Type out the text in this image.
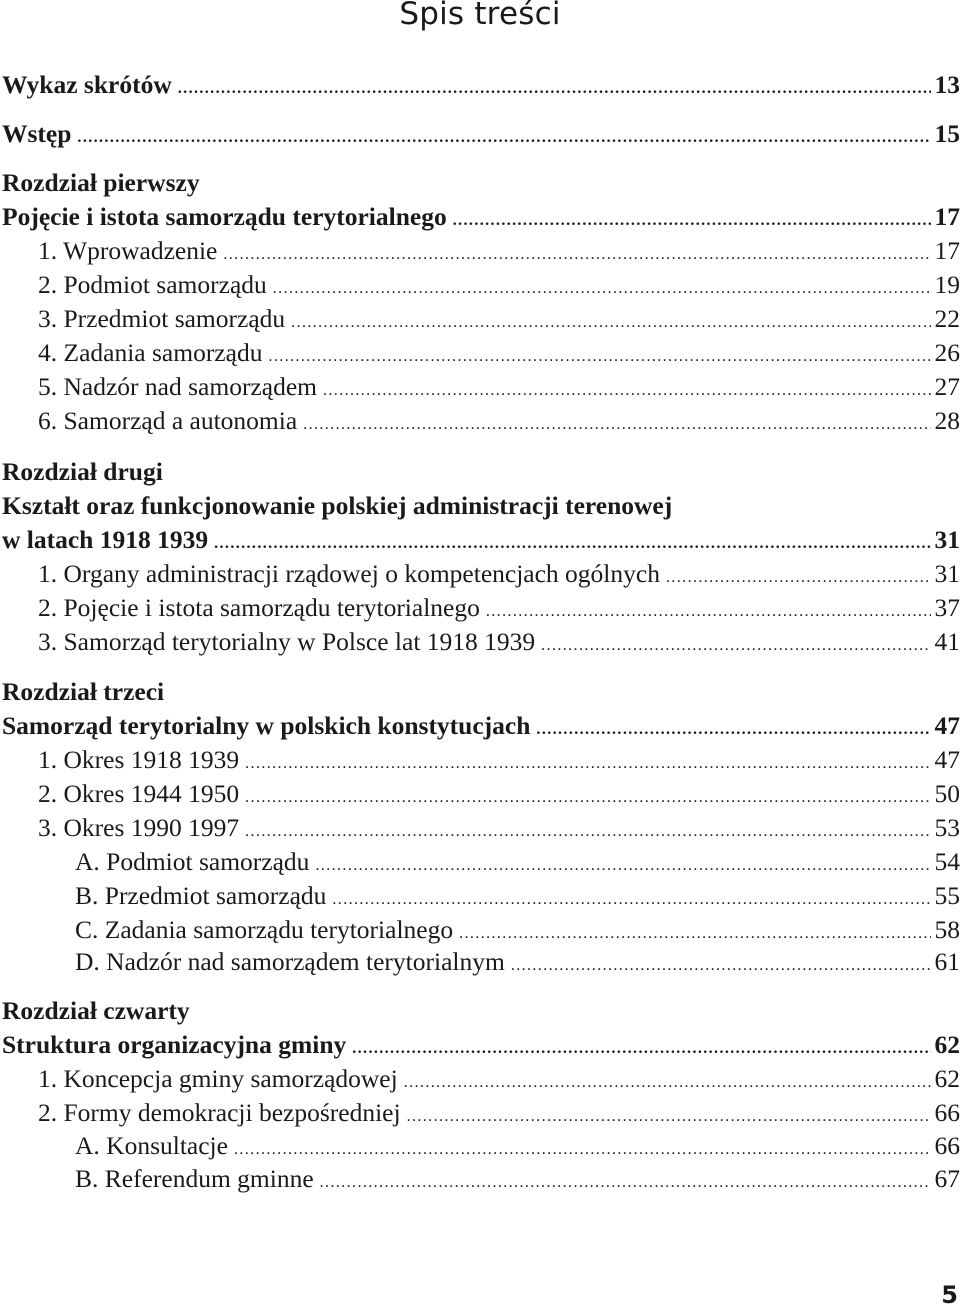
Spis treści
Wykaz skrótów .....	13
Wstęp .....	15
Rozdział pierwszy
Pojęcie i istota samorządu terytorialnego .....	17
1. Wprowadzenie .....	17
2. Podmiot samorządu .....	19
3. Przedmiot samorządu .....	22
4. Zadania samorządu .....	26
5. Nadzór nad samorządem .....	27
6. Samorząd a autonomia .....	28
Rozdział drugi
Kształt oraz funkcjonowanie polskiej administracji terenowej
w latach 1918 1939 .....	31
1. Organy administracji rządowej o kompetencjach ogólnych .....	31
2. Pojęcie i istota samorządu terytorialnego .....	37
3. Samorząd terytorialny w Polsce lat 1918 1939 .....	41
Rozdział trzeci
Samorząd terytorialny w polskich konstytucjach .....	47
1. Okres 1918 1939 .....	47
2. Okres 1944 1950 .....	50
3. Okres 1990 1997 .....	53
A. Podmiot samorządu .....	54
B. Przedmiot samorządu .....	55
C. Zadania samorządu terytorialnego .....	58
D. Nadzór nad samorządem terytorialnym .....	61
Rozdział czwarty
Struktura organizacyjna gminy .....	62
1. Koncepcja gminy samorządowej .....	62
2. Formy demokracji bezpośredniej .....	66
A. Konsultacje .....	66
B. Referendum gminne .....	67
5
